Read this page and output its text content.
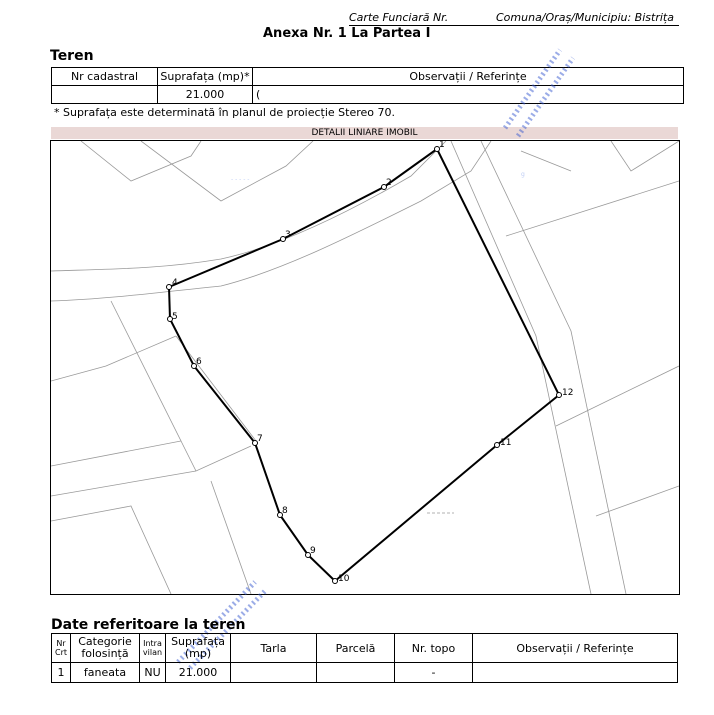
Carte Funciară Nr.	Comuna/Oraș/Municipiu: Bistrița
Anexa Nr. 1 La Partea I
Teren
Nr cadastral	Suprafața (mp)*	Observații / Referințe
	21.000	(
* Suprafața este determinată în planul de proiecție Stereo 70.
DETALII LINIARE IMOBIL
- - - - -
g
1
2
3
4
5
6
7
8
9
10
11
12
Date referitoare la teren
Nr Crt	Categorie folosință	Intra vilan	Suprafața (mp)	Tarla	Parcelă	Nr. topo	Observații / Referințe
1	faneata	NU	21.000			-	
